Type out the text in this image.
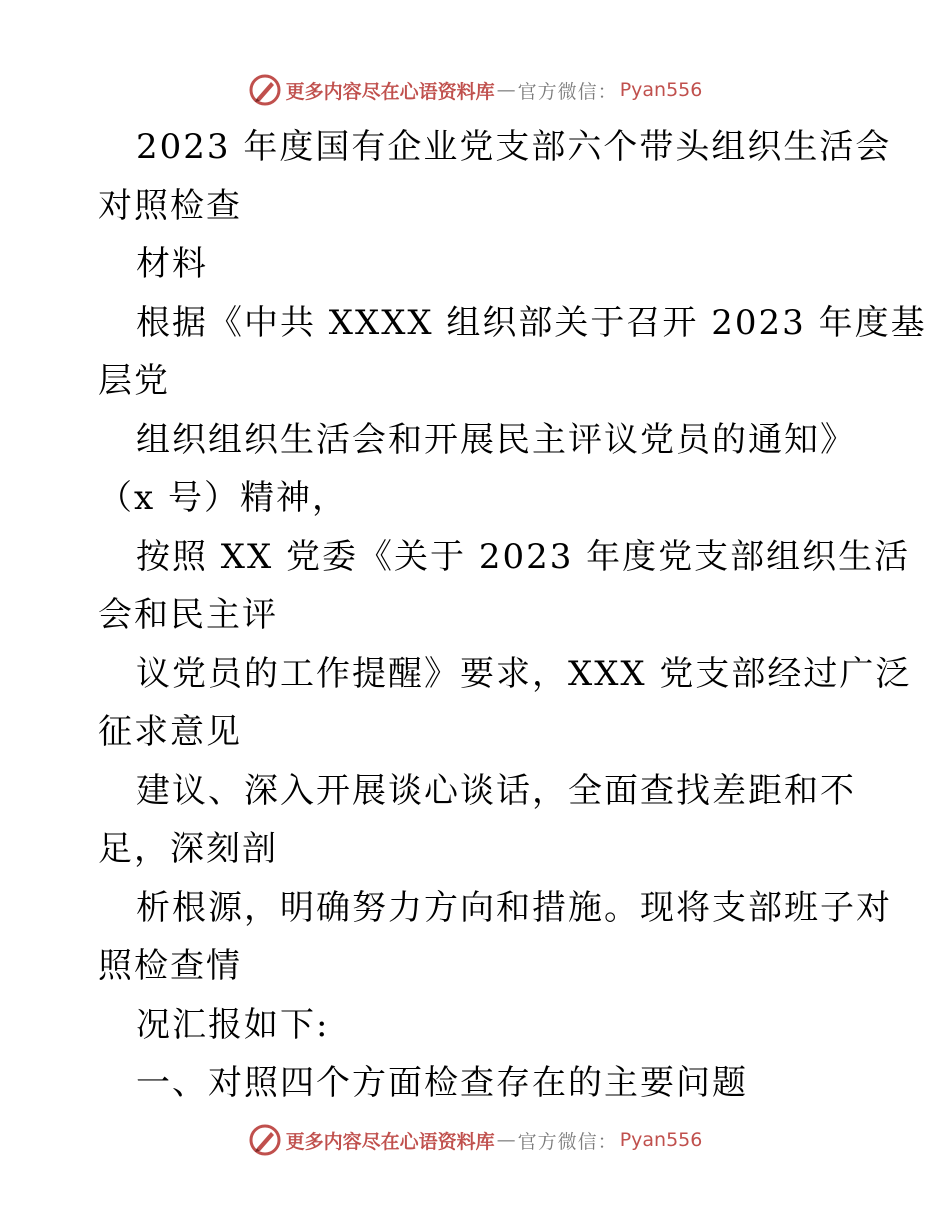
更多内容尽在心语资料库 — 官方微信： Pyan556

2023 年度国有企业党支部六个带头组织生活会

对照检查

材料

根据《中共 XXXX 组织部关于召开 2023 年度基

层党

组织组织生活会和开展民主评议党员的通知》

（x 号）精神，

按照 XX 党委《关于 2023 年度党支部组织生活

会和民主评

议党员的工作提醒》要求，XXX 党支部经过广泛

征求意见

建议、深入开展谈心谈话，全面查找差距和不

足，深刻剖

析根源，明确努力方向和措施。现将支部班子对

照检查情

况汇报如下:

一、对照四个方面检查存在的主要问题

更多内容尽在心语资料库 — 官方微信： Pyan556
